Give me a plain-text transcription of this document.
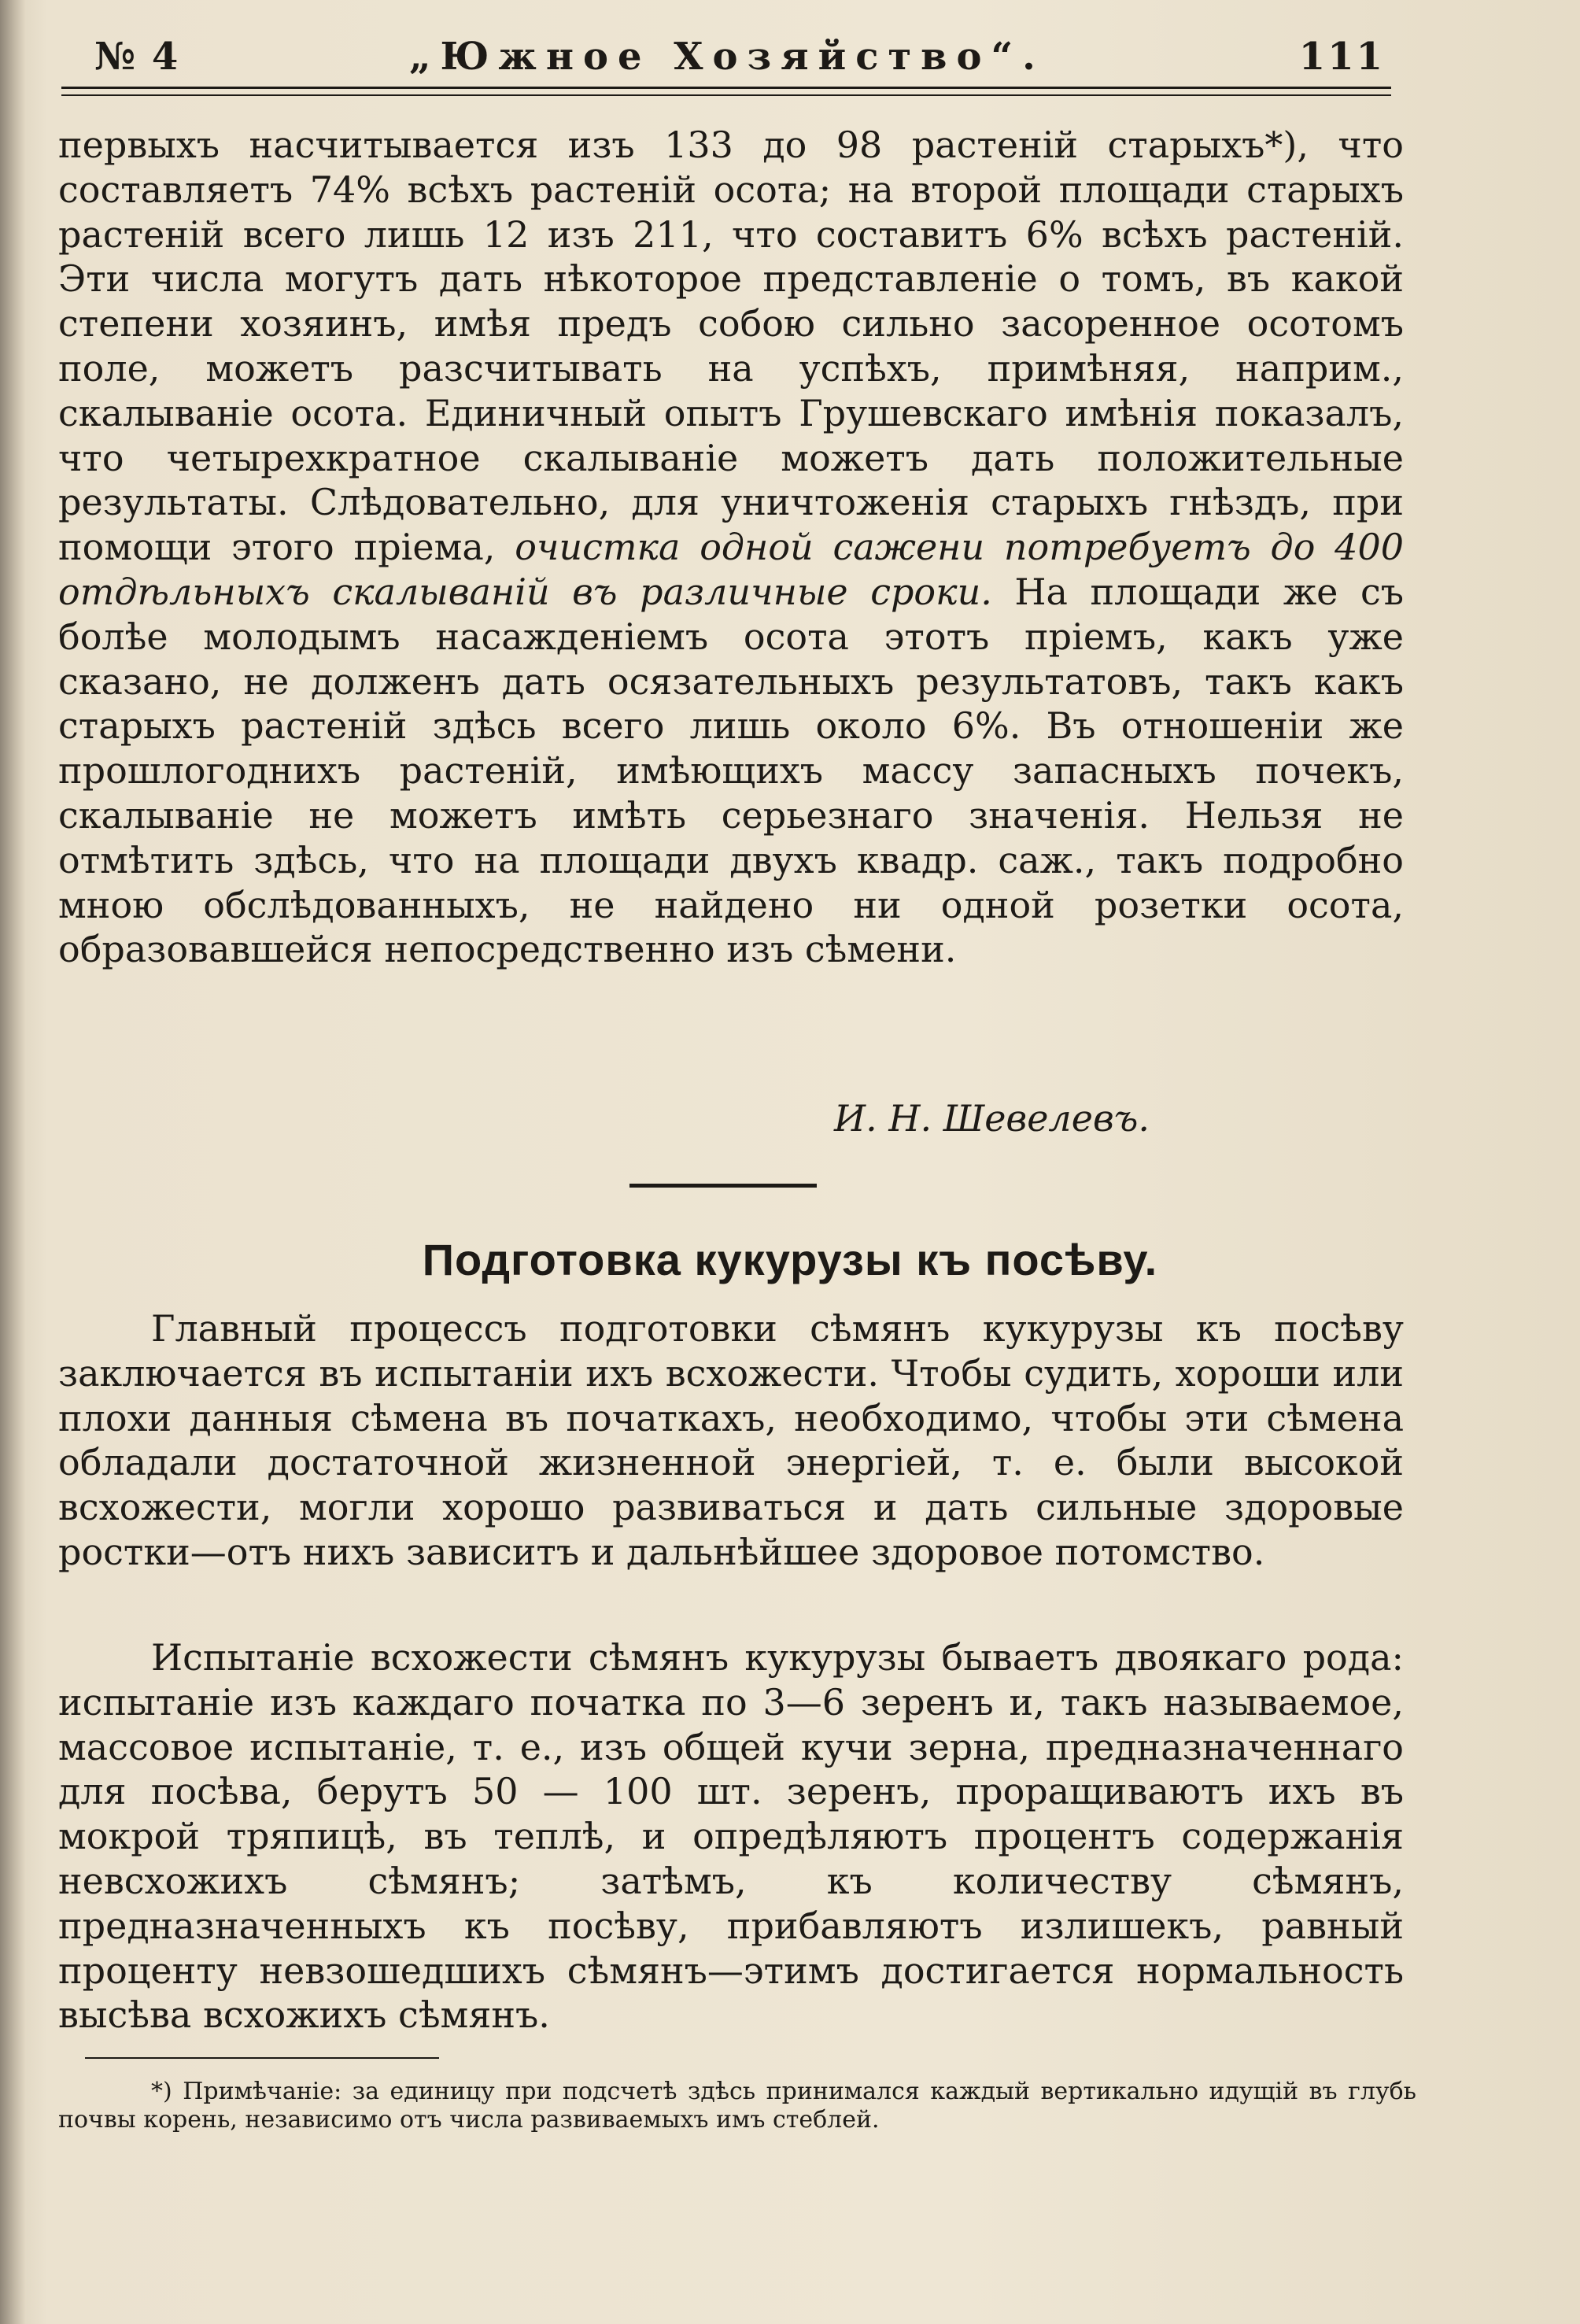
№ 4	„Южное Хозяйство“.	111
первыхъ насчитывается изъ 133 до 98 растеній старыхъ*), что составляетъ 74% всѣхъ растеній осота; на второй площади старыхъ растеній всего лишь 12 изъ 211, что составитъ 6% всѣхъ растеній. Эти числа могутъ дать нѣкоторое представленіе о томъ, въ какой степени хозяинъ, имѣя предъ собою сильно засоренное осотомъ поле, можетъ разсчитывать на успѣхъ, примѣняя, наприм., скалываніе осота. Единичный опытъ Грушевскаго имѣнія показалъ, что четырехкратное скалываніе можетъ дать положительные результаты. Слѣдовательно, для уничтоженія старыхъ гнѣздъ, при помощи этого пріема, очистка одной сажени потребуетъ до 400 отдѣльныхъ скалываній въ различные сроки. На площади же съ болѣе молодымъ насажденіемъ осота этотъ пріемъ, какъ уже сказано, не долженъ дать осязательныхъ результатовъ, такъ какъ старыхъ растеній здѣсь всего лишь около 6%. Въ отношеніи же прошлогоднихъ растеній, имѣющихъ массу запасныхъ почекъ, скалываніе не можетъ имѣть серьезнаго значенія. Нельзя не отмѣтить здѣсь, что на площади двухъ квадр. саж., такъ подробно мною обслѣдованныхъ, не найдено ни одной розетки осота, образовавшейся непосредственно изъ сѣмени.
И. Н. Шевелевъ.
Подготовка кукурузы къ посѣву.
Главный процессъ подготовки сѣмянъ кукурузы къ посѣву заключается въ испытаніи ихъ всхожести. Чтобы судить, хороши или плохи данныя сѣмена въ початкахъ, необходимо, чтобы эти сѣмена обладали достаточной жизненной энергіей, т. е. были высокой всхожести, могли хорошо развиваться и дать сильные здоровые ростки—отъ нихъ зависитъ и дальнѣйшее здоровое потомство.
Испытаніе всхожести сѣмянъ кукурузы бываетъ двоякаго рода: испытаніе изъ каждаго початка по 3—6 зеренъ и, такъ называемое, массовое испытаніе, т. е., изъ общей кучи зерна, предназначеннаго для посѣва, берутъ 50 — 100 шт. зеренъ, проращиваютъ ихъ въ мокрой тряпицѣ, въ теплѣ, и опредѣляютъ процентъ содержанія невсхожихъ сѣмянъ; затѣмъ, къ количеству сѣмянъ, предназначенныхъ къ посѣву, прибавляютъ излишекъ, равный проценту невзошедшихъ сѣмянъ—этимъ достигается нормальность высѣва всхожихъ сѣмянъ.
*) Примѣчаніе: за единицу при подсчетѣ здѣсь принимался каждый вертикально идущій въ глубь почвы корень, независимо отъ числа развиваемыхъ имъ стеблей.
